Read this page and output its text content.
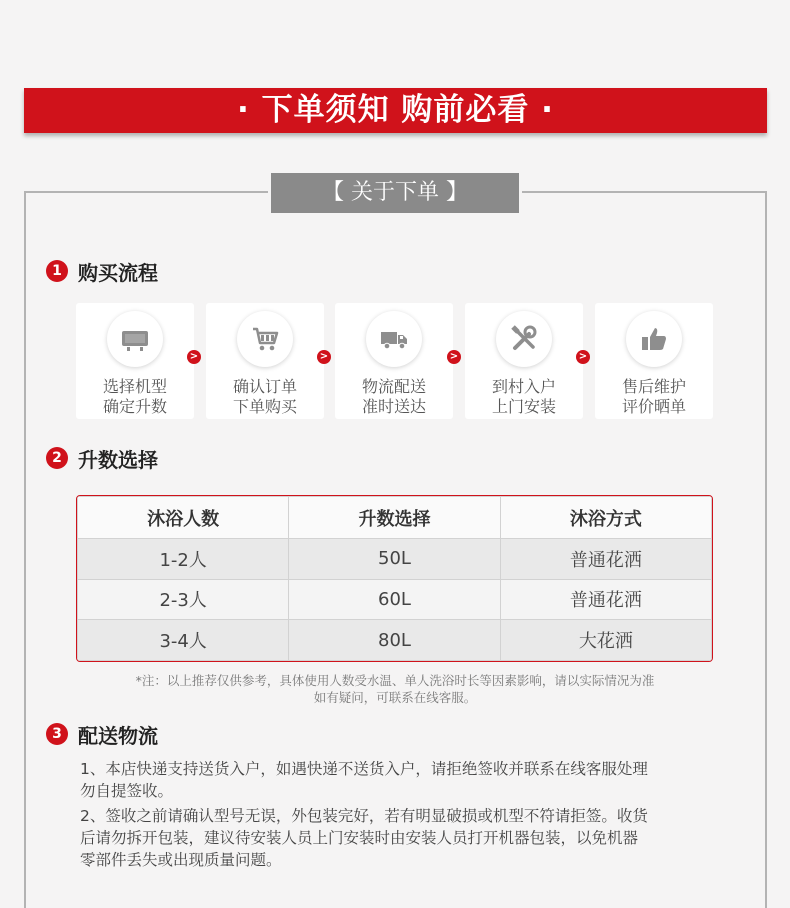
· 下单须知 购前必看 ·
【 关于下单 】
1 购买流程
选择机型
确定升数
>
确认订单
下单购买
>
物流配送
准时送达
>
到村入户
上门安装
>
售后维护
评价晒单
2 升数选择
沐浴人数	升数选择	沐浴方式
1-2人	50L	普通花洒
2-3人	60L	普通花洒
3-4人	80L	大花洒
*注：以上推荐仅供参考，具体使用人数受水温、单人洗浴时长等因素影响，请以实际情况为准
如有疑问，可联系在线客服。
3 配送物流
1、本店快递支持送货入户，如遇快递不送货入户，请拒绝签收并联系在线客服处理
勿自提签收。
2、签收之前请确认型号无误，外包装完好，若有明显破损或机型不符请拒签。收货
后请勿拆开包装，建议待安装人员上门安装时由安装人员打开机器包装，以免机器
零部件丢失或出现质量问题。
